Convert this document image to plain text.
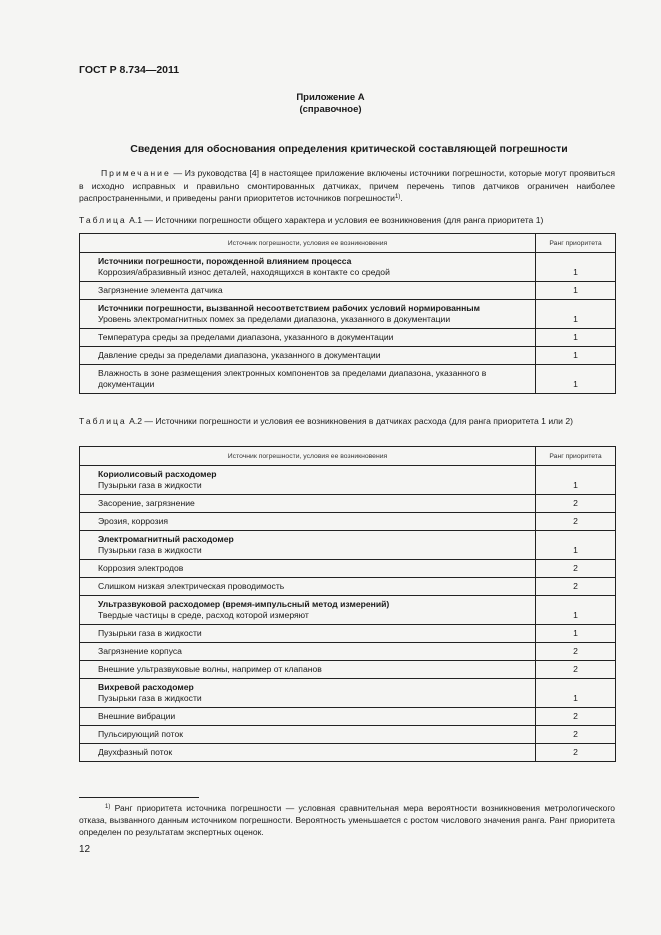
ГОСТ Р 8.734—2011
Приложение А
(справочное)
Сведения для обоснования определения критической составляющей погрешности
Примечание — Из руководства [4] в настоящее приложение включены источники погрешности, которые могут проявиться в исходно исправных и правильно смонтированных датчиках, причем перечень типов датчиков ограничен наиболее распространенными, и приведены ранги приоритетов источников погрешности$^{1)}$.
Таблица А.1 — Источники погрешности общего характера и условия ее возникновения (для ранга приоритета 1)
Источник погрешности, условия ее возникновения	Ранг приоритета

Источники погрешности, порожденной влиянием процесса
Коррозия/абразивный износ деталей, находящихся в контакте со средой	1

Загрязнение элемента датчика	1

Источники погрешности, вызванной несоответствием рабочих условий нормированным
Уровень электромагнитных помех за пределами диапазона, указанного в документации	1

Температура среды за пределами диапазона, указанного в документации	1

Давление среды за пределами диапазона, указанного в документации	1

Влажность в зоне размещения электронных компонентов за пределами диапазона, указанного в документации	1
Таблица А.2 — Источники погрешности и условия ее возникновения в датчиках расхода (для ранга приоритета 1 или 2)
Источник погрешности, условия ее возникновения	Ранг приоритета

Кориолисовый расходомер
Пузырьки газа в жидкости	1

Засорение, загрязнение	2

Эрозия, коррозия	2

Электромагнитный расходомер
Пузырьки газа в жидкости	1

Коррозия электродов	2

Слишком низкая электрическая проводимость	2

Ультразвуковой расходомер (время-импульсный метод измерений)
Твердые частицы в среде, расход которой измеряют	1

Пузырьки газа в жидкости	1

Загрязнение корпуса	2

Внешние ультразвуковые волны, например от клапанов	2

Вихревой расходомер
Пузырьки газа в жидкости	1

Внешние вибрации	2

Пульсирующий поток	2

Двухфазный поток	2
$^{1)}$ Ранг приоритета источника погрешности — условная сравнительная мера вероятности возникновения метрологического отказа, вызванного данным источником погрешности. Вероятность уменьшается с ростом числового значения ранга. Ранг приоритета определен по результатам экспертных оценок.
12
